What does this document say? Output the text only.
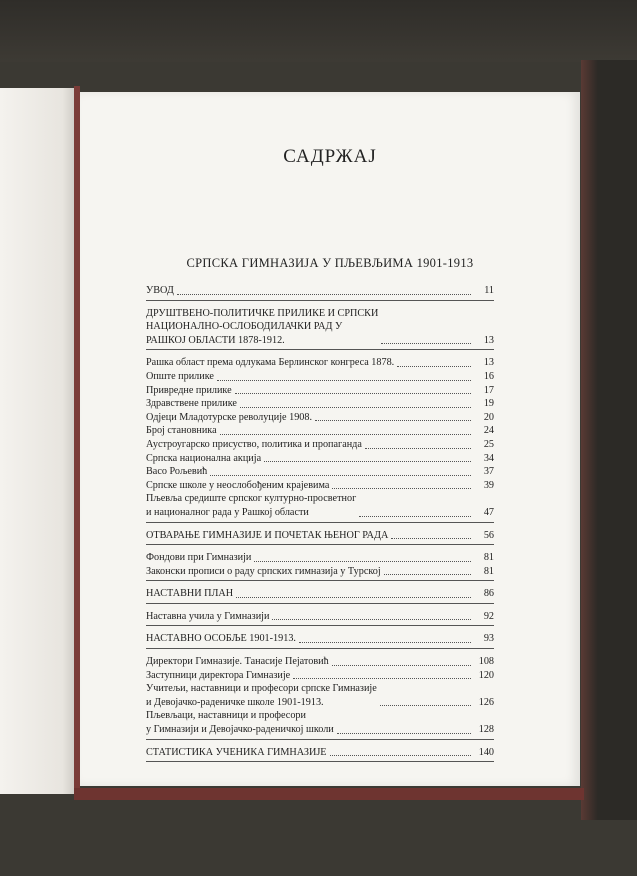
САДРЖАЈ
СРПСКА ГИМНАЗИЈА У ПЉЕВЉИМА 1901-1913
УВОД	11
ДРУШТВЕНО-ПОЛИТИЧКЕ ПРИЛИКЕ И СРПСКИ
НАЦИОНАЛНО-ОСЛОБОДИЛАЧКИ РАД У
РАШКОЈ ОБЛАСТИ 1878-1912.	13
Рашка област према одлукама Берлинског конгреса 1878.	13
Опште прилике	16
Привредне прилике	17
Здравствене прилике	19
Одјеци Младотурске револуције 1908.	20
Број становника	24
Аустроугарско присуство, политика и пропаганда	25
Српска национална акција	34
Васо Рољевић	37
Српске школе у неослобођеним крајевима	39
Пљевља средиште српског културно-просветног
и националног рада у Рашкој области	47
ОТВАРАЊЕ ГИМНАЗИЈЕ И ПОЧЕТАК ЊЕНОГ РАДА	56
Фондови при Гимназији	81
Законски прописи о раду српских гимназија у Турској	81
НАСТАВНИ ПЛАН	86
Наставна учила у Гимназији	92
НАСТАВНО ОСОБЉЕ 1901-1913.	93
Директори Гимназије. Танасије Пејатовић	108
Заступници директора Гимназије	120
Учитељи, наставници и професори српске Гимназије
и Девојачко-радeничке школе 1901-1913.	126
Пљевљаци, наставници и професори
у Гимназији и Девојачко-радeничкој школи	128
СТАТИСТИКА УЧЕНИКА ГИМНАЗИЈЕ	140
